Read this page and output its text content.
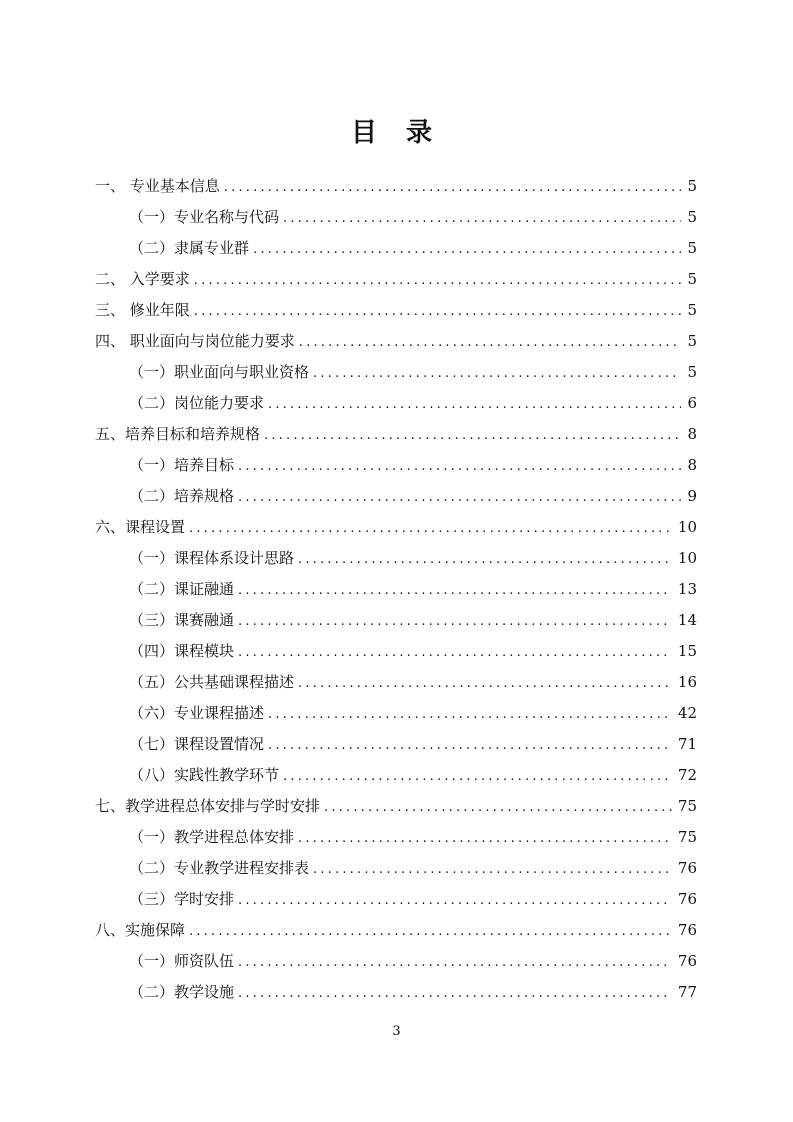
目 录
一、 专业基本信息 .....	5
（一）专业名称与代码 .....	5
（二）隶属专业群 .....	5
二、 入学要求 .....	5
三、 修业年限 .....	5
四、 职业面向与岗位能力要求 .....	5
（一）职业面向与职业资格 .....	5
（二）岗位能力要求 .....	6
五、培养目标和培养规格 .....	8
（一）培养目标 .....	8
（二）培养规格 .....	9
六、课程设置 .....	10
（一）课程体系设计思路 .....	10
（二）课证融通 .....	13
（三）课赛融通 .....	14
（四）课程模块 .....	15
（五）公共基础课程描述 .....	16
（六）专业课程描述 .....	42
（七）课程设置情况 .....	71
（八）实践性教学环节 .....	72
七、教学进程总体安排与学时安排 .....	75
（一）教学进程总体安排 .....	75
（二）专业教学进程安排表 .....	76
（三）学时安排 .....	76
八、实施保障 .....	76
（一）师资队伍 .....	76
（二）教学设施 .....	77
3
